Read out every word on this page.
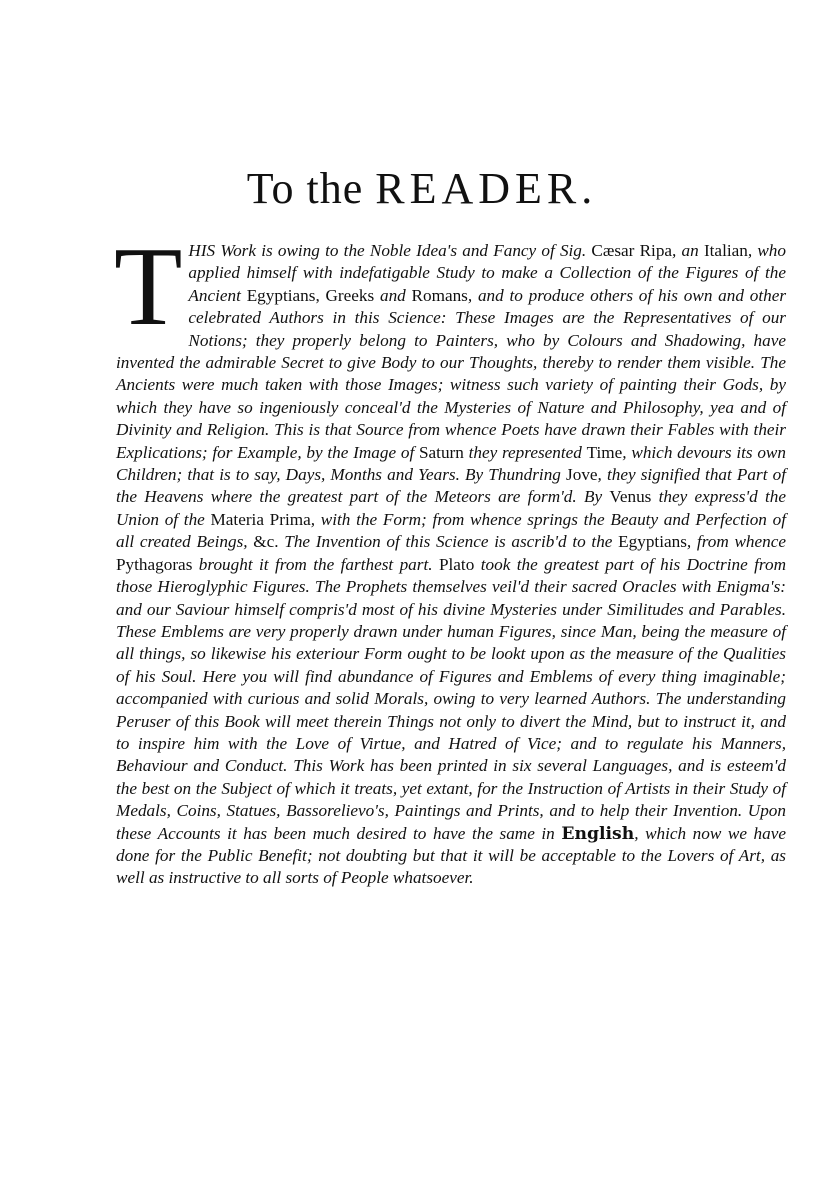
To the READER.
THIS Work is owing to the Noble Idea's and Fancy of Sig. Cæsar Ripa, an Italian, who applied himself with indefatigable Study to make a Collection of the Figures of the Ancient Egyptians, Greeks and Romans, and to produce others of his own and other celebrated Authors in this Science: These Images are the Representatives of our Notions; they properly belong to Painters, who by Colours and Shadowing, have invented the admirable Secret to give Body to our Thoughts, thereby to render them visible. The Ancients were much taken with those Images; witness such variety of painting their Gods, by which they have so ingeniously conceal'd the Mysteries of Nature and Philosophy, yea and of Divinity and Religion. This is that Source from whence Poets have drawn their Fables with their Explications; for Example, by the Image of Saturn they represented Time, which devours its own Children; that is to say, Days, Months and Years. By Thundring Jove, they signified that Part of the Heavens where the greatest part of the Meteors are form'd. By Venus they express'd the Union of the Materia Prima, with the Form; from whence springs the Beauty and Perfection of all created Beings, &c. The Invention of this Science is ascrib'd to the Egyptians, from whence Pythagoras brought it from the farthest part. Plato took the greatest part of his Doctrine from those Hieroglyphic Figures. The Prophets themselves veil'd their sacred Oracles with Enigma's: and our Saviour himself compris'd most of his divine Mysteries under Similitudes and Parables. These Emblems are very properly drawn under human Figures, since Man, being the measure of all things, so likewise his exteriour Form ought to be lookt upon as the measure of the Qualities of his Soul. Here you will find abundance of Figures and Emblems of every thing imaginable; accompanied with curious and solid Morals, owing to very learned Authors. The understanding Peruser of this Book will meet therein Things not only to divert the Mind, but to instruct it, and to inspire him with the Love of Virtue, and Hatred of Vice; and to regulate his Manners, Behaviour and Conduct. This Work has been printed in six several Languages, and is esteem'd the best on the Subject of which it treats, yet extant, for the Instruction of Artists in their Study of Medals, Coins, Statues, Bassorelievo's, Paintings and Prints, and to help their Invention. Upon these Accounts it has been much desired to have the same in English, which now we have done for the Public Benefit; not doubting but that it will be acceptable to the Lovers of Art, as well as instructive to all sorts of People whatsoever.
